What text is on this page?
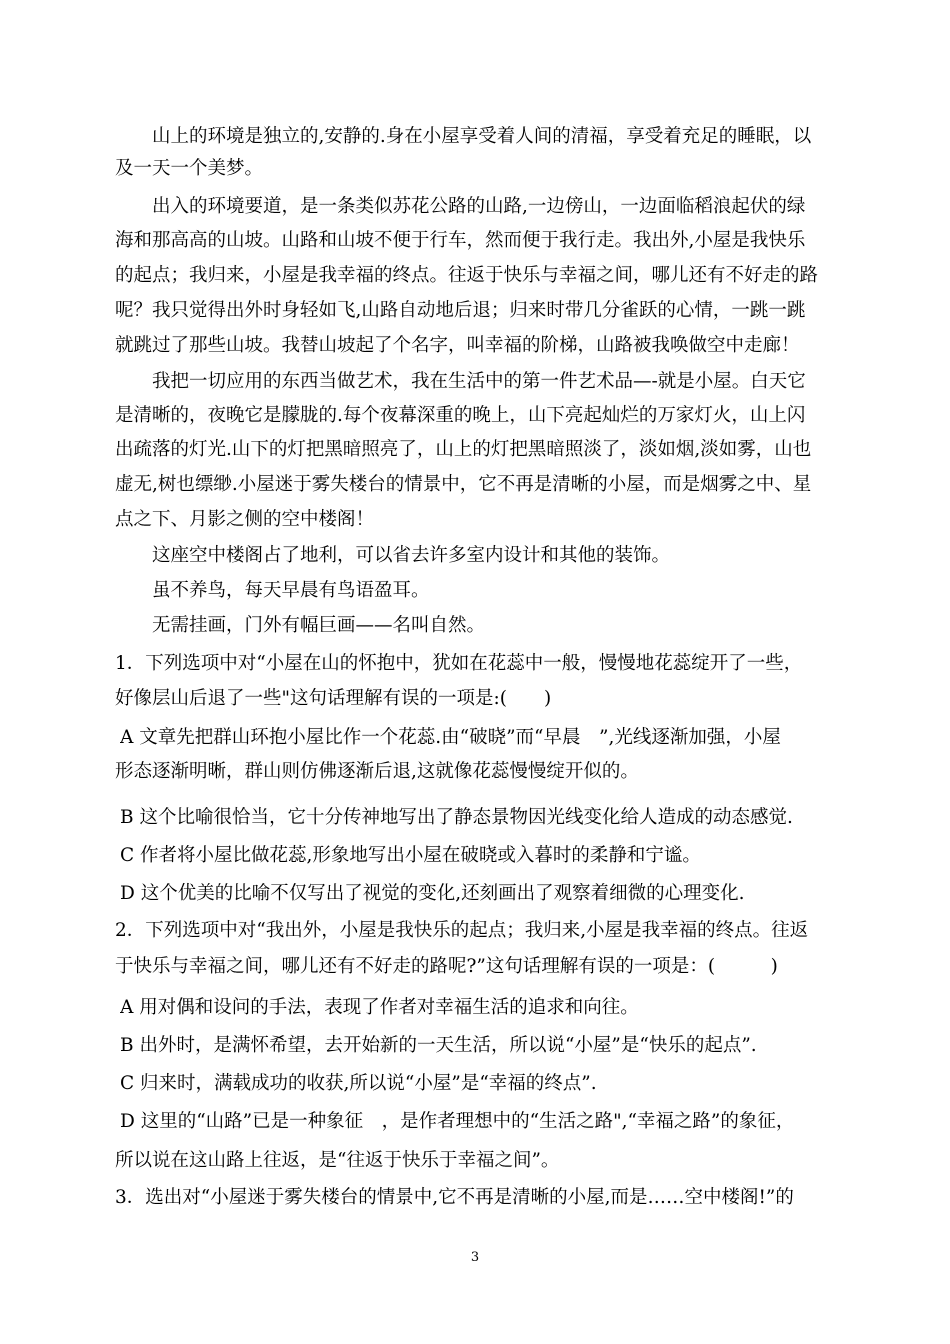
山上的环境是独立的,安静的.身在小屋享受着人间的清福，享受着充足的睡眠，以
及一天一个美梦。
出入的环境要道，是一条类似苏花公路的山路,一边傍山，一边面临稻浪起伏的绿
海和那高高的山坡。山路和山坡不便于行车，然而便于我行走。我出外,小屋是我快乐
的起点；我归来，小屋是我幸福的终点。往返于快乐与幸福之间，哪儿还有不好走的路
呢？我只觉得出外时身轻如飞,山路自动地后退；归来时带几分雀跃的心情，一跳一跳
就跳过了那些山坡。我替山坡起了个名字，叫幸福的阶梯，山路被我唤做空中走廊！
我把一切应用的东西当做艺术，我在生活中的第一件艺术品—-就是小屋。白天它
是清晰的，夜晚它是朦胧的.每个夜幕深重的晚上，山下亮起灿烂的万家灯火，山上闪
出疏落的灯光.山下的灯把黑暗照亮了，山上的灯把黑暗照淡了，淡如烟,淡如雾，山也
虚无,树也缥缈.小屋迷于雾失楼台的情景中，它不再是清晰的小屋，而是烟雾之中、星
点之下、月影之侧的空中楼阁！
这座空中楼阁占了地利，可以省去许多室内设计和其他的装饰。
虽不养鸟，每天早晨有鸟语盈耳。
无需挂画，门外有幅巨画——名叫自然。
1．下列选项中对“小屋在山的怀抱中，犹如在花蕊中一般，慢慢地花蕊绽开了一些，
好像层山后退了一些"这句话理解有误的一项是:(　　)
A 文章先把群山环抱小屋比作一个花蕊.由“破晓”而“早晨　”,光线逐渐加强，小屋
形态逐渐明晰，群山则仿佛逐渐后退,这就像花蕊慢慢绽开似的。
B 这个比喻很恰当，它十分传神地写出了静态景物因光线变化给人造成的动态感觉.
C 作者将小屋比做花蕊,形象地写出小屋在破晓或入暮时的柔静和宁谧。
D 这个优美的比喻不仅写出了视觉的变化,还刻画出了观察着细微的心理变化.
2．下列选项中对“我出外，小屋是我快乐的起点；我归来,小屋是我幸福的终点。往返
于快乐与幸福之间，哪儿还有不好走的路呢?”这句话理解有误的一项是：(　　　)
A 用对偶和设问的手法，表现了作者对幸福生活的追求和向往。
B 出外时，是满怀希望，去开始新的一天生活，所以说“小屋”是“快乐的起点”.
C 归来时，满载成功的收获,所以说“小屋”是“幸福的终点”.
D 这里的“山路”已是一种象征　，是作者理想中的“生活之路",“幸福之路”的象征，
所以说在这山路上往返，是“往返于快乐于幸福之间”。
3．选出对“小屋迷于雾失楼台的情景中,它不再是清晰的小屋,而是……空中楼阁!”的
3
